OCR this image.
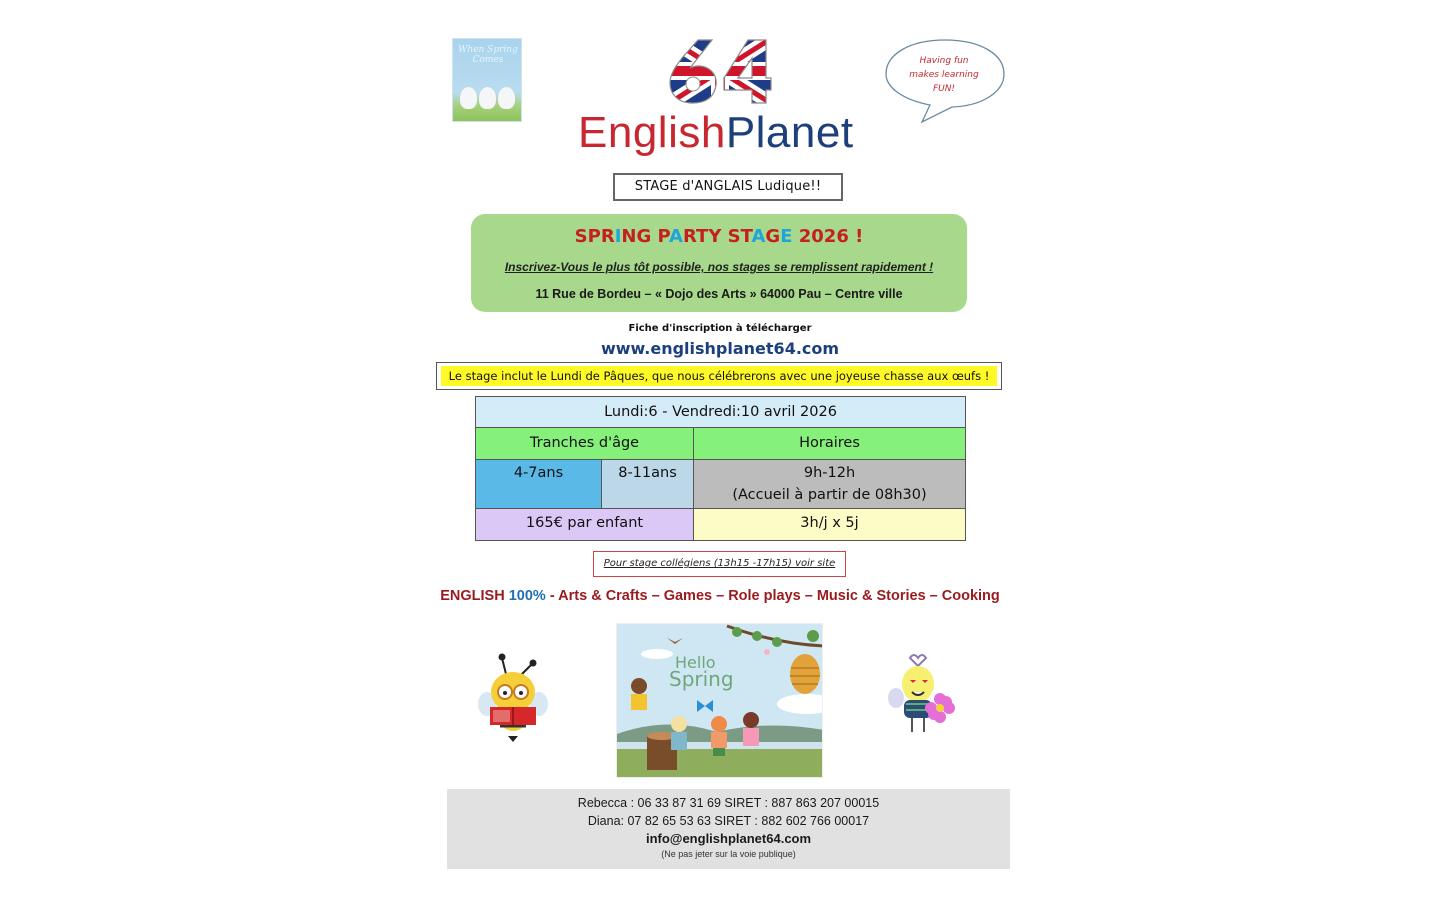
When Spring Comes
EnglishPlanet
Having fun
makes learning
FUN!
STAGE d'ANGLAIS Ludique!!
SPRING PARTY STAGE 2026 !
Inscrivez-Vous le plus tôt possible, nos stages se remplissent rapidement !
11 Rue de Bordeu – « Dojo des Arts » 64000 Pau – Centre ville
Fiche d'inscription à télécharger
www.englishplanet64.com
Le stage inclut le Lundi de Pâques, que nous célébrerons avec une joyeuse chasse aux œufs !
Lundi:6 - Vendredi:10 avril 2026		
Tranches d'âge		Horaires
4-7ans	8-11ans	9h-12h
(Accueil à partir de 08h30)

165€ par enfant		3h/j x 5j
Pour stage collégiens (13h15 -17h15) voir site
ENGLISH 100% - Arts & Crafts – Games – Role plays – Music & Stories – Cooking
Hello
Spring
Rebecca : 06 33 87 31 69 SIRET : 887 863 207 00015
Diana: 07 82 65 53 63 SIRET : 882 602 766 00017
info@englishplanet64.com
(Ne pas jeter sur la voie publique)
